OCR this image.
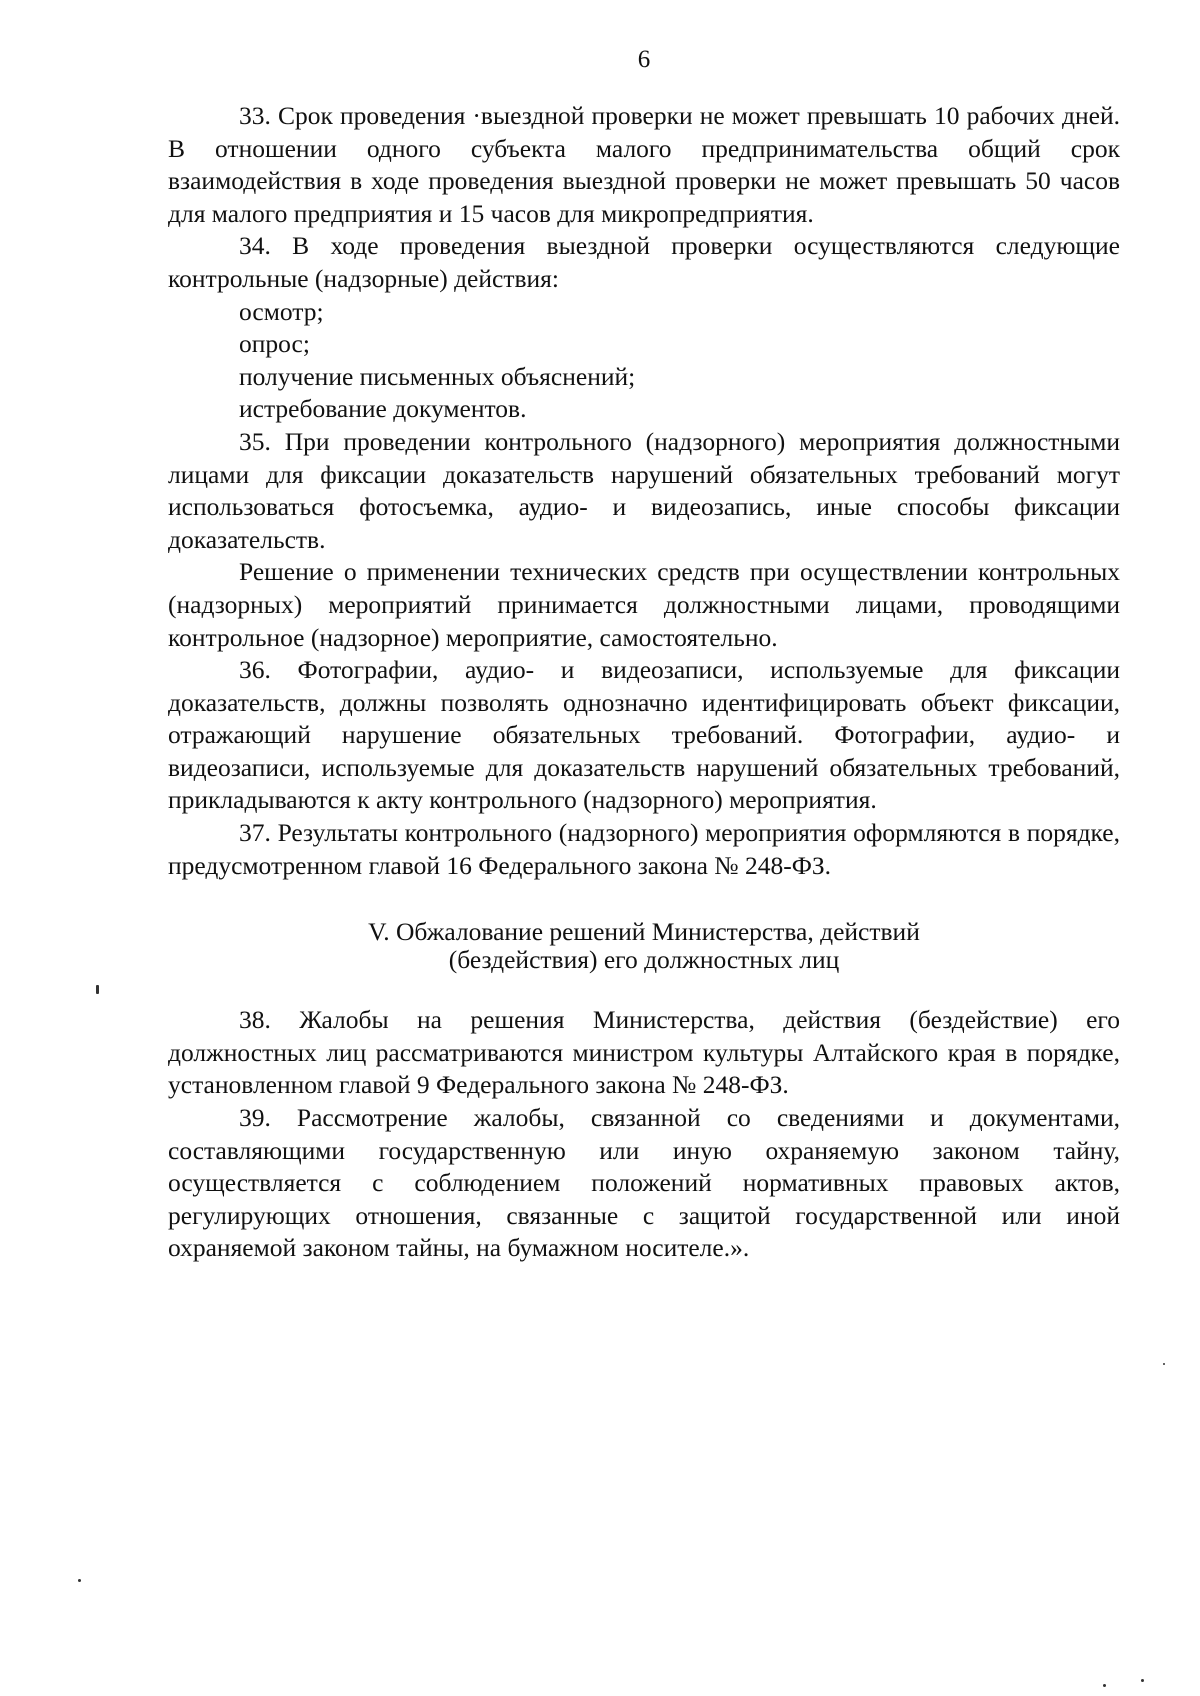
6

33. Срок проведения ·выездной проверки не может превышать 10 рабочих дней. В отношении одного субъекта малого предпринимательства общий срок взаимодействия в ходе проведения выездной проверки не может превышать 50 часов для малого предприятия и 15 часов для микропредприятия.

34. В ходе проведения выездной проверки осуществляются следующие контрольные (надзорные) действия:

осмотр;

опрос;

получение письменных объяснений;

истребование документов.

35. При проведении контрольного (надзорного) мероприятия должностными лицами для фиксации доказательств нарушений обязательных требований могут использоваться фотосъемка, аудио- и видеозапись, иные способы фиксации доказательств.

Решение о применении технических средств при осуществлении контрольных (надзорных) мероприятий принимается должностными лицами, проводящими контрольное (надзорное) мероприятие, самостоятельно.

36. Фотографии, аудио- и видеозаписи, используемые для фиксации доказательств, должны позволять однозначно идентифицировать объект фиксации, отражающий нарушение обязательных требований. Фотографии, аудио- и видеозаписи, используемые для доказательств нарушений обязательных требований, прикладываются к акту контрольного (надзорного) мероприятия.

37. Результаты контрольного (надзорного) мероприятия оформляются в порядке, предусмотренном главой 16 Федерального закона № 248-ФЗ.

V. Обжалование решений Министерства, действий
(бездействия) его должностных лиц

38. Жалобы на решения Министерства, действия (бездействие) его должностных лиц рассматриваются министром культуры Алтайского края в порядке, установленном главой 9 Федерального закона № 248-ФЗ.

39. Рассмотрение жалобы, связанной со сведениями и документами, составляющими государственную или иную охраняемую законом тайну, осуществляется с соблюдением положений нормативных правовых актов, регулирующих отношения, связанные с защитой государственной или иной охраняемой законом тайны, на бумажном носителе.».
